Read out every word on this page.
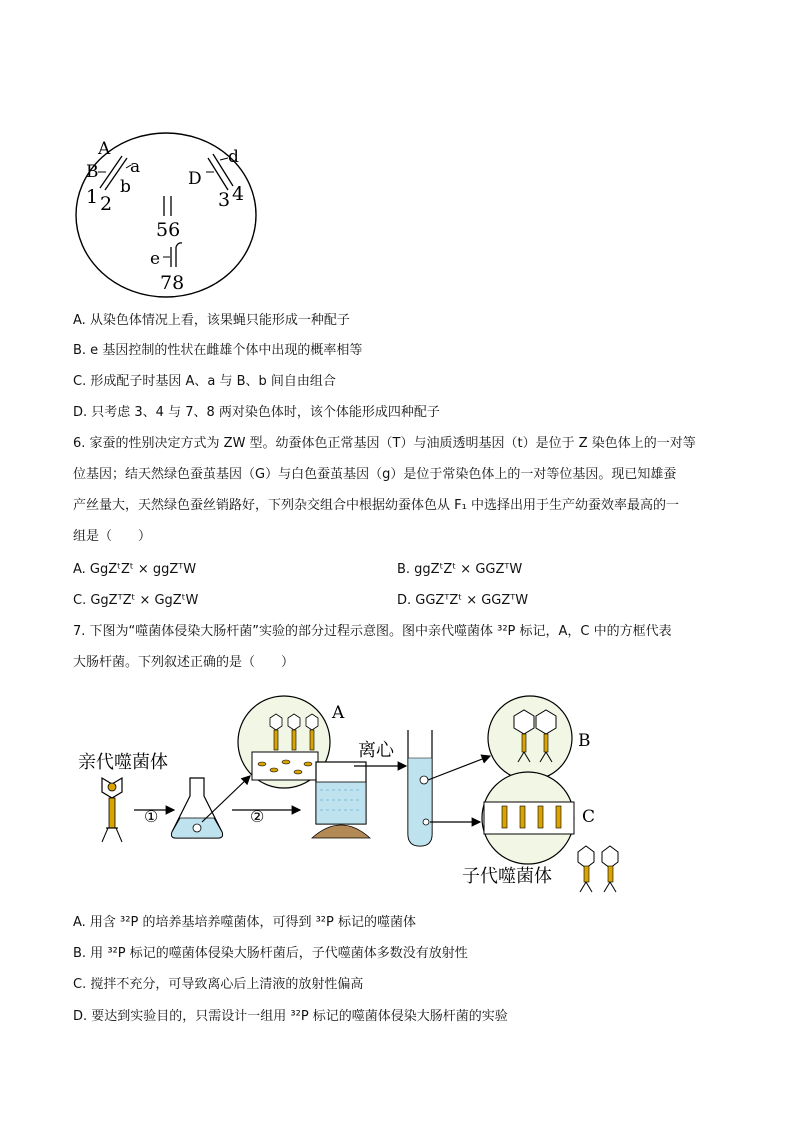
A
B a
b
1 2
D
d
3 4
56
e
78
A. 从染色体情况上看，该果蝇只能形成一种配子
B. e 基因控制的性状在雌雄个体中出现的概率相等
C. 形成配子时基因 A、a 与 B、b 间自由组合
D. 只考虑 3、4 与 7、8 两对染色体时，该个体能形成四种配子
6. 家蚕的性别决定方式为 ZW 型。幼蚕体色正常基因（T）与油质透明基因（t）是位于 Z 染色体上的一对等
位基因；结天然绿色蚕茧基因（G）与白色蚕茧基因（g）是位于常染色体上的一对等位基因。现已知雄蚕
产丝量大，天然绿色蚕丝销路好，下列杂交组合中根据幼蚕体色从 F₁ 中选择出用于生产幼蚕效率最高的一
组是（　　）
A. GgZᵗZᵗ × ggZᵀW	B. ggZᵗZᵗ × GGZᵀW
C. GgZᵀZᵗ × GgZᵗW	D. GGZᵀZᵗ × GGZᵀW
7. 下图为“噬菌体侵染大肠杆菌”实验的部分过程示意图。图中亲代噬菌体 ³²P 标记，A，C 中的方框代表
大肠杆菌。下列叙述正确的是（　　）
亲代噬菌体
①
A
②
离心	B
C
子代噬菌体
A. 用含 ³²P 的培养基培养噬菌体，可得到 ³²P 标记的噬菌体
B. 用 ³²P 标记的噬菌体侵染大肠杆菌后，子代噬菌体多数没有放射性
C. 搅拌不充分，可导致离心后上清液的放射性偏高
D. 要达到实验目的，只需设计一组用 ³²P 标记的噬菌体侵染大肠杆菌的实验
